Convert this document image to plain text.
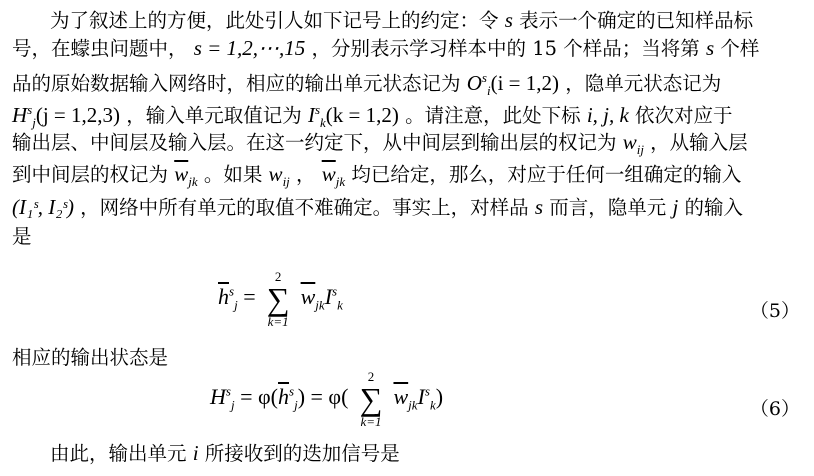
为了叙述上的方便，此处引人如下记号上的约定：令 s 表示一个确定的已知样品标
号，在蠓虫问题中， s = 1,2,⋯,15 ，分别表示学习样本中的 15 个样品；当将第 s 个样
品的原始数据输入网络时，相应的输出单元状态记为 $O^s_i(i = 1,2)$ ，隐单元状态记为
$H^s_j(j = 1,2,3)$ ，输入单元取值记为 $I^s_k(k = 1,2)$ 。请注意，此处下标 i, j, k 依次对应于
输出层、中间层及输入层。在这一约定下，从中间层到输出层的权记为 $w_{ij}$ ，从输入层
到中间层的权记为 $\overline{w}_{jk}$ 。如果 $w_{ij}$ ， $\overline{w}_{jk}$ 均已给定，那么，对应于任何一组确定的输入
(I₁ˢ, I₂ˢ) ，网络中所有单元的取值不难确定。事实上，对样品 s 而言，隐单元 j 的输入
是
$\overline{h}^s_j$ =
2
∑
k=1
$\overline{w}_{jk}I^s_k$	（5）
相应的输出状态是
$H^s_j = \varphi(\overline{h}^s_j) = \varphi$(
2
∑
k=1
$\overline{w}_{jk}I^s_k$)	（6）
由此，输出单元 i 所接收到的迭加信号是
